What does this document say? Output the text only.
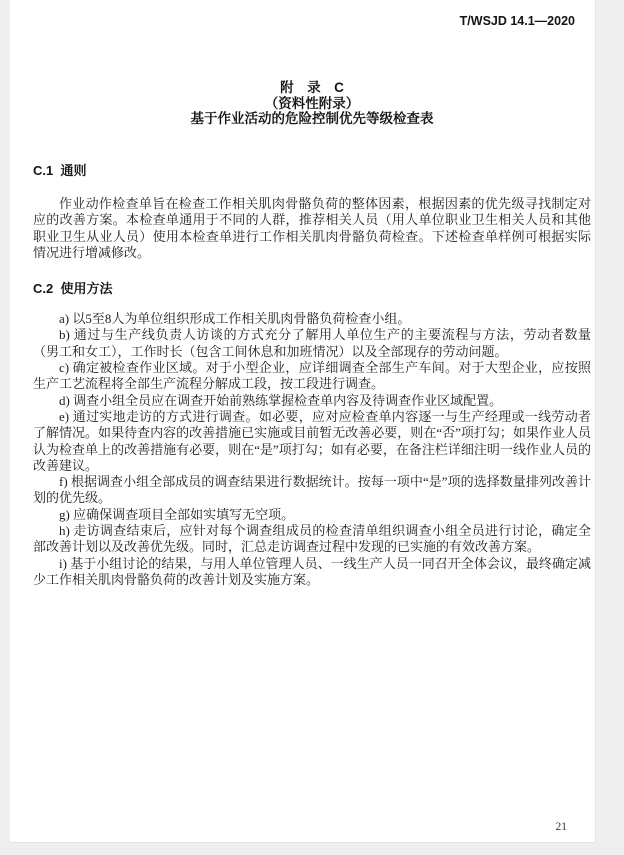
T/WSJD 14.1—2020
附　录　C
（资料性附录）
基于作业活动的危险控制优先等级检查表
C.1  通则

作业动作检查单旨在检查工作相关肌肉骨骼负荷的整体因素，根据因素的优先级寻找制定对应的改善方案。本检查单通用于不同的人群，推荐相关人员（用人单位职业卫生相关人员和其他职业卫生从业人员）使用本检查单进行工作相关肌肉骨骼负荷检查。下述检查单样例可根据实际情况进行增减修改。

C.2  使用方法

a) 以5至8人为单位组织形成工作相关肌肉骨骼负荷检查小组。

b) 通过与生产线负责人访谈的方式充分了解用人单位生产的主要流程与方法，劳动者数量（男工和女工），工作时长（包含工间休息和加班情况）以及全部现存的劳动问题。

c) 确定被检查作业区域。对于小型企业，应详细调查全部生产车间。对于大型企业，应按照生产工艺流程将全部生产流程分解成工段，按工段进行调查。

d) 调查小组全员应在调查开始前熟练掌握检查单内容及待调查作业区域配置。

e) 通过实地走访的方式进行调查。如必要，应对应检查单内容逐一与生产经理或一线劳动者了解情况。如果待查内容的改善措施已实施或目前暂无改善必要，则在“否”项打勾；如果作业人员认为检查单上的改善措施有必要，则在“是”项打勾；如有必要，在备注栏详细注明一线作业人员的改善建议。

f) 根据调查小组全部成员的调查结果进行数据统计。按每一项中“是”项的选择数量排列改善计划的优先级。

g) 应确保调查项目全部如实填写无空项。

h) 走访调查结束后，应针对每个调查组成员的检查清单组织调查小组全员进行讨论，确定全部改善计划以及改善优先级。同时，汇总走访调查过程中发现的已实施的有效改善方案。

i) 基于小组讨论的结果，与用人单位管理人员、一线生产人员一同召开全体会议，最终确定减少工作相关肌肉骨骼负荷的改善计划及实施方案。

21
